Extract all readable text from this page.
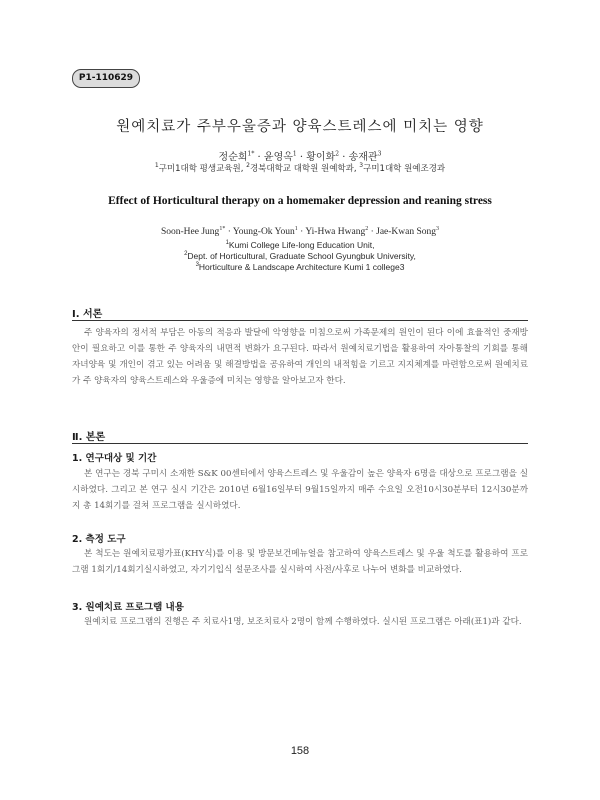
P1-110629
원예치료가 주부우울증과 양육스트레스에 미치는 영향
정순희$^{1*}$ · 윤영옥$^1$ · 황이화$^2$ · 송재관$^3$
$^1$구미1대학 평생교육원, $^2$경북대학교 대학원 원예학과, $^3$구미1대학 원예조경과
Effect of Horticultural therapy on a homemaker depression and reaning stress
Soon-Hee Jung$^{1*}$ · Young-Ok Youn$^1$ · Yi-Hwa Hwang$^2$ · Jae-Kwan Song$^3$
$^1$Kumi College Life-long Education Unit,
$^2$Dept. of Horticultural, Graduate School Gyungbuk University,
$^3$Horticulture & Landscape Architecture Kumi 1 college3
Ⅰ. 서론
주 양육자의 정서적 부담은 아동의 적응과 발달에 악영향을 미침으로써 가족문제의 원인이 된다 이에 효율적인 중재방안이 필요하고 이를 통한 주 양육자의 내면적 변화가 요구된다. 따라서 원예치료기법을 활용하여 자아통찰의 기회를 통해 자녀양육 및 개인이 겪고 있는 어려움 및 해결방법을 공유하여 개인의 내적힘을 기르고 지지체계를 마련함으로써 원예치료가 주 양육자의 양육스트레스와 우울증에 미치는 영향을 알아보고자 한다.
Ⅱ. 본론
1. 연구대상 및 기간
본 연구는 경북 구미시 소재한 S&K 00센터에서 양육스트레스 및 우울감이 높은 양육자 6명을 대상으로 프로그램을 실시하였다. 그리고 본 연구 실시 기간은 2010년 6월16일부터 9월15일까지 매주 수요일 오전10시30분부터 12시30분까지 총 14회기를 걸쳐 프로그램을 실시하였다.
2. 측정 도구
본 척도는 원예치료평가표(KHY식)를 이용 및 방문보건메뉴얼을 참고하여 양육스트레스 및 우울 척도를 활용하여 프로그램 1회기/14회기실시하였고, 자기기입식 설문조사를 실시하여 사전/사후로 나누어 변화를 비교하였다.
3. 원예치료 프로그램 내용
원예치료 프로그램의 진행은 주 치료사1명, 보조치료사 2명이 함께 수행하였다. 실시된 프로그램은 아래(표1)과 같다.
158
